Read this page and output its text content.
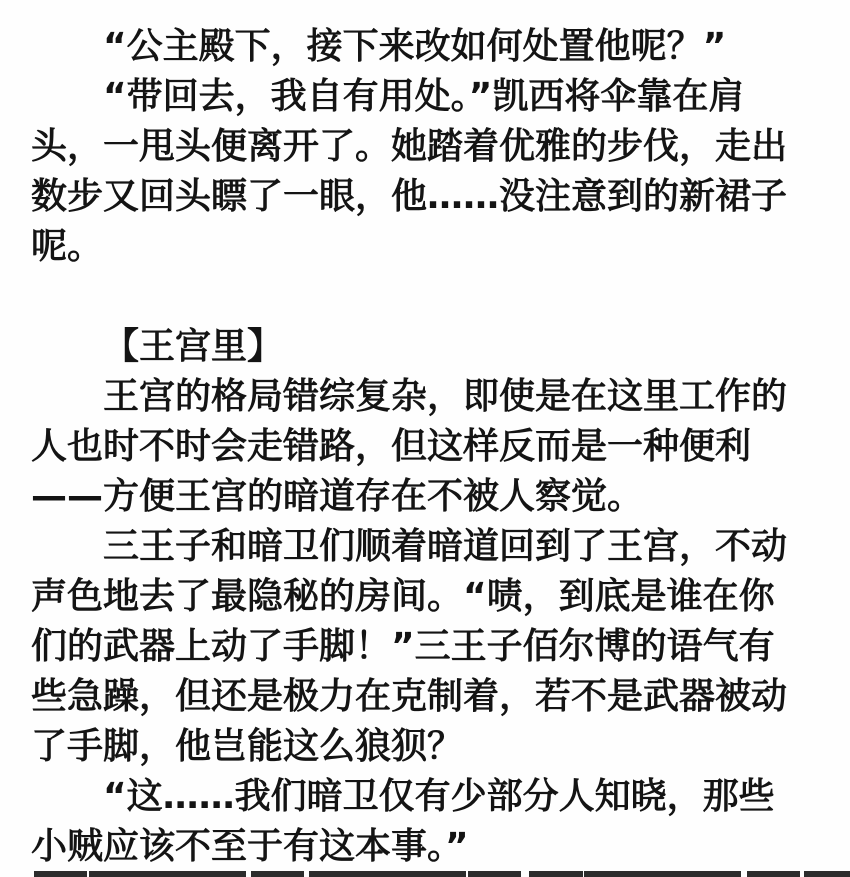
“公主殿下，接下来改如何处置他呢？”
“带回去，我自有用处。”凯西将伞靠在肩
头，一甩头便离开了。她踏着优雅的步伐，走出
数步又回头瞟了一眼，他……没注意到的新裙子
呢。
【王宫里】
王宫的格局错综复杂，即使是在这里工作的
人也时不时会走错路，但这样反而是一种便利
——方便王宫的暗道存在不被人察觉。
三王子和暗卫们顺着暗道回到了王宫，不动
声色地去了最隐秘的房间。“啧，到底是谁在你
们的武器上动了手脚！”三王子佰尔博的语气有
些急躁，但还是极力在克制着，若不是武器被动
了手脚，他岂能这么狼狈？
“这……我们暗卫仅有少部分人知晓，那些
小贼应该不至于有这本事。”
